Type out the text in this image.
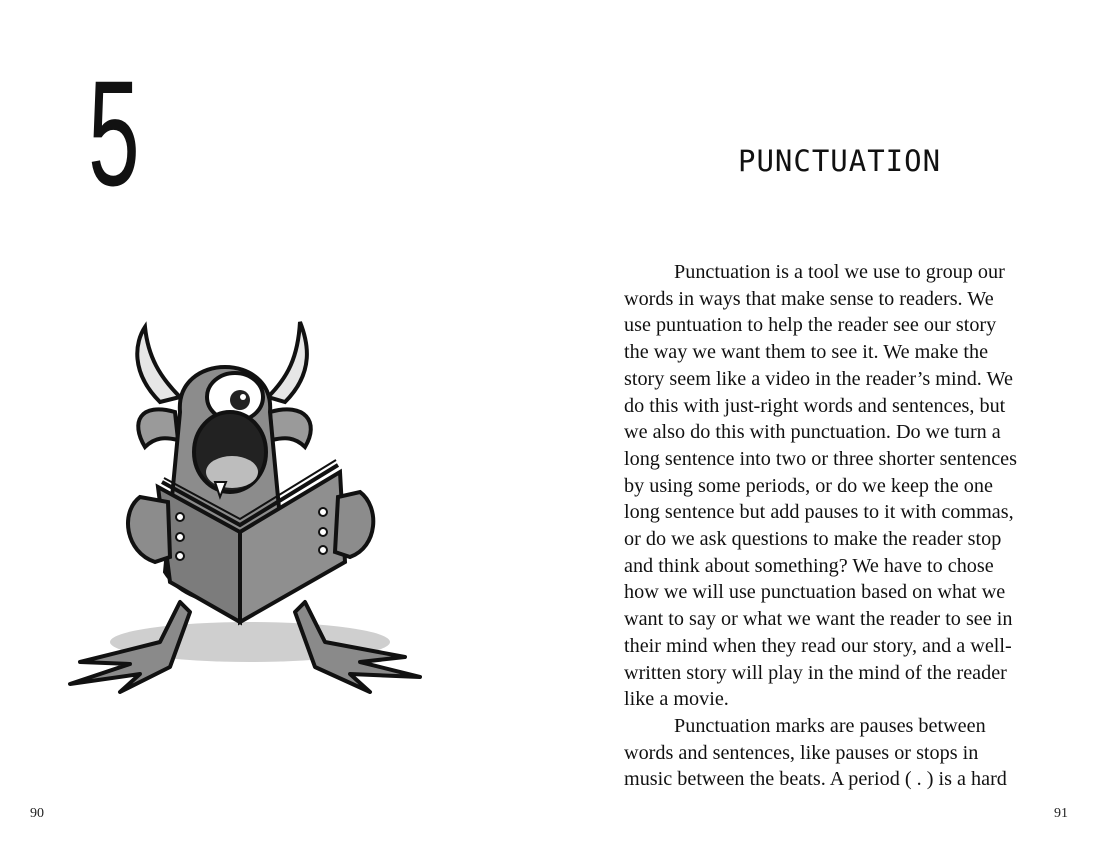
5
90
PUNCTUATION

Punctuation is a tool we use to group our
words in ways that make sense to readers. We
use puntuation to help the reader see our story
the way we want them to see it. We make the
story seem like a video in the reader’s mind. We
do this with just-right words and sentences, but
we also do this with punctuation. Do we turn a
long sentence into two or three shorter sentences
by using some periods, or do we keep the one
long sentence but add pauses to it with commas,
or do we ask questions to make the reader stop
and think about something? We have to chose
how we will use punctuation based on what we
want to say or what we want the reader to see in
their mind when they read our story, and a well-
written story will play in the mind of the reader
like a movie.

Punctuation marks are pauses between
words and sentences, like pauses or stops in
music between the beats. A period ( . ) is a hard

91
